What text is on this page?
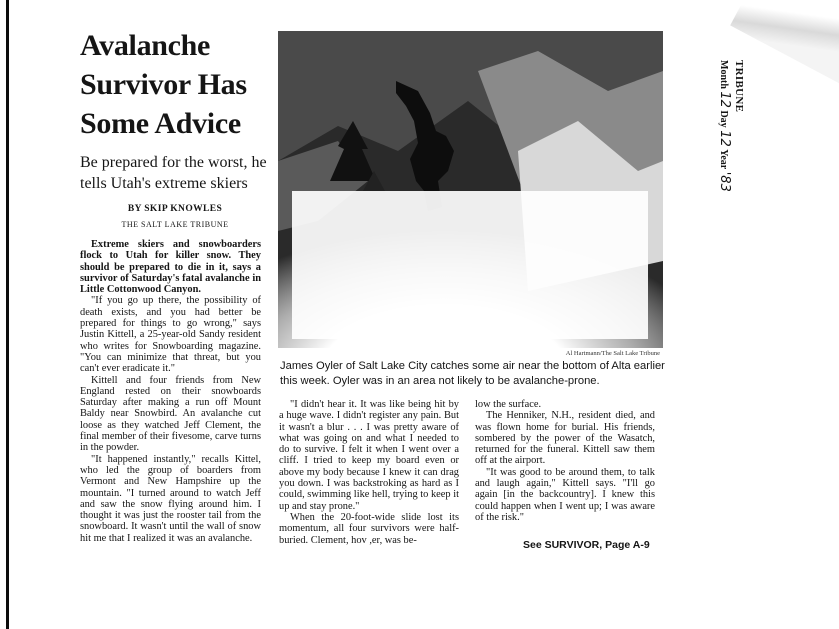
Avalanche Survivor Has Some Advice
Be prepared for the worst, he tells Utah's extreme skiers
BY SKIP KNOWLES
THE SALT LAKE TRIBUNE

Extreme skiers and snowboarders flock to Utah for killer snow. They should be prepared to die in it, says a survivor of Saturday's fatal avalanche in Little Cottonwood Canyon.

"If you go up there, the possibility of death exists, and you had better be prepared for things to go wrong," says Justin Kittell, a 25-year-old Sandy resident who writes for Snowboarding magazine. "You can minimize that threat, but you can't ever eradicate it."

Kittell and four friends from New England rested on their snowboards Saturday after making a run off Mount Baldy near Snowbird. An avalanche cut loose as they watched Jeff Clement, the final member of their fivesome, carve turns in the powder.

"It happened instantly," recalls Kittel, who led the group of boarders from Vermont and New Hampshire up the mountain. "I turned around to watch Jeff and saw the snow flying around him. I thought it was just the rooster tail from the snowboard. It wasn't until the wall of snow hit me that I realized it was an avalanche.

Al Hartmann/The Salt Lake Tribune
James Oyler of Salt Lake City catches some air near the bottom of Alta earlier this week. Oyler was in an area not likely to be avalanche-prone.

"I didn't hear it. It was like being hit by a huge wave. I didn't register any pain. But it wasn't a blur . . . I was pretty aware of what was going on and what I needed to do to survive. I felt it when I went over a cliff. I tried to keep my board even or above my body because I knew it can drag you down. I was backstroking as hard as I could, swimming like hell, trying to keep it up and stay prone."

When the 20-foot-wide slide lost its momentum, all four survivors were half-buried. Clement, hov ,er, was be-

low the surface.

The Henniker, N.H., resident died, and was flown home for burial. His friends, sombered by the power of the Wasatch, returned for the funeral. Kittell saw them off at the airport.

"It was good to be around them, to talk and laugh again," Kittell says. "I'll go again [in the backcountry]. I knew this could happen when I went up; I was aware of the risk."

See SURVIVOR, Page A-9
TRIBUNE
Month 12 Day 12 Year '83
